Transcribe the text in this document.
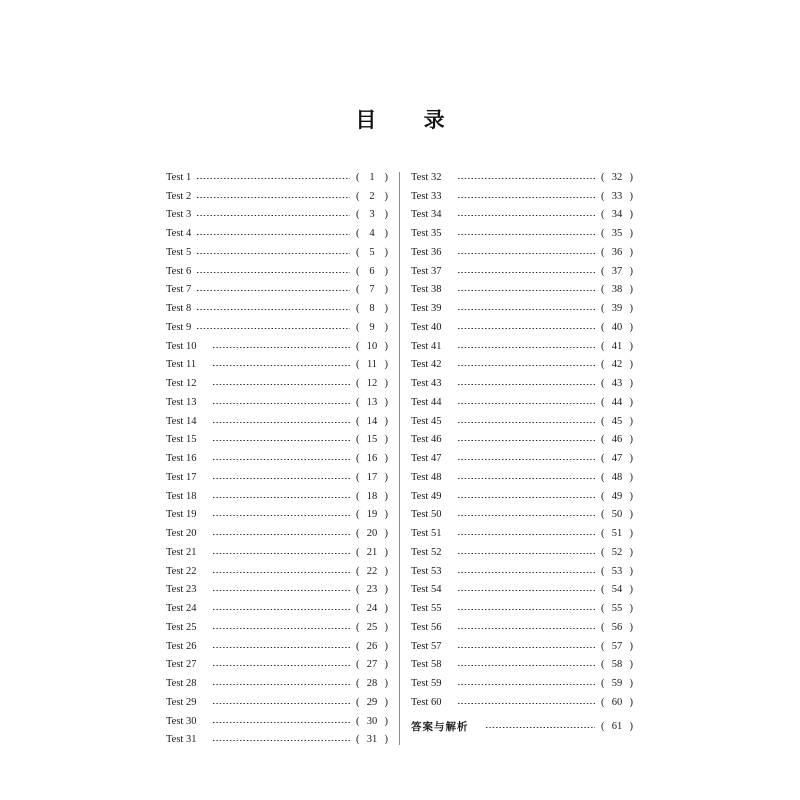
目 录
Test 1	( 1 )
Test 2	( 2 )
Test 3	( 3 )
Test 4	( 4 )
Test 5	( 5 )
Test 6	( 6 )
Test 7	( 7 )
Test 8	( 8 )
Test 9	( 9 )
Test 10	( 10 )
Test 11	( 11 )
Test 12	( 12 )
Test 13	( 13 )
Test 14	( 14 )
Test 15	( 15 )
Test 16	( 16 )
Test 17	( 17 )
Test 18	( 18 )
Test 19	( 19 )
Test 20	( 20 )
Test 21	( 21 )
Test 22	( 22 )
Test 23	( 23 )
Test 24	( 24 )
Test 25	( 25 )
Test 26	( 26 )
Test 27	( 27 )
Test 28	( 28 )
Test 29	( 29 )
Test 30	( 30 )
Test 31	( 31 )
Test 32	( 32 )
Test 33	( 33 )
Test 34	( 34 )
Test 35	( 35 )
Test 36	( 36 )
Test 37	( 37 )
Test 38	( 38 )
Test 39	( 39 )
Test 40	( 40 )
Test 41	( 41 )
Test 42	( 42 )
Test 43	( 43 )
Test 44	( 44 )
Test 45	( 45 )
Test 46	( 46 )
Test 47	( 47 )
Test 48	( 48 )
Test 49	( 49 )
Test 50	( 50 )
Test 51	( 51 )
Test 52	( 52 )
Test 53	( 53 )
Test 54	( 54 )
Test 55	( 55 )
Test 56	( 56 )
Test 57	( 57 )
Test 58	( 58 )
Test 59	( 59 )
Test 60	( 60 )
答案与解析	( 61 )
